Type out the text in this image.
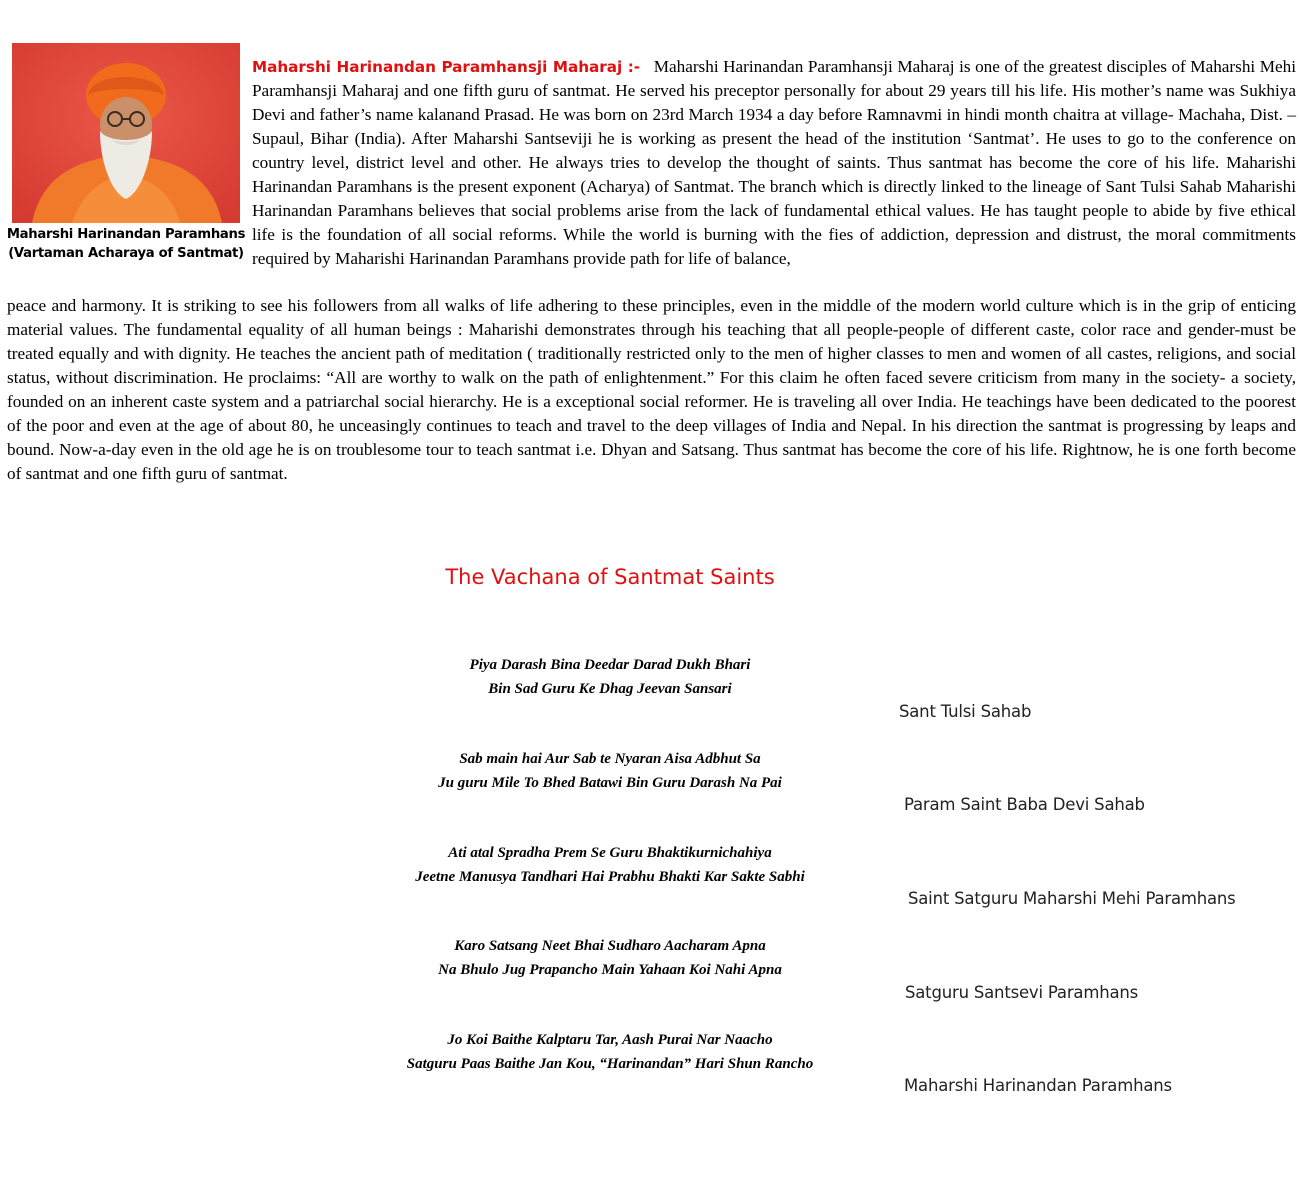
Maharshi Harinandan Paramhans
(Vartaman Acharaya of Santmat)
Maharshi Harinandan Paramhansji Maharaj :- Maharshi Harinandan Paramhansji Maharaj is one of the greatest disciples of Maharshi Mehi Paramhansji Maharaj and one fifth guru of santmat. He served his preceptor personally for about 29 years till his life. His mother’s name was Sukhiya Devi and father’s name kalanand Prasad. He was born on 23rd March 1934 a day before Ramnavmi in hindi month chaitra at village- Machaha, Dist. – Supaul, Bihar (India). After Maharshi Santseviji he is working as present the head of the institution ‘Santmat’. He uses to go to the conference on country level, district level and other. He always tries to develop the thought of saints. Thus santmat has become the core of his life. Maharishi Harinandan Paramhans is the present exponent (Acharya) of Santmat. The branch which is directly linked to the lineage of Sant Tulsi Sahab Maharishi Harinandan Paramhans believes that social problems arise from the lack of fundamental ethical values. He has taught people to abide by five ethical life is the foundation of all social reforms. While the world is burning with the fies of addiction, depression and distrust, the moral commitments required by Maharishi Harinandan Paramhans provide path for life of balance,
peace and harmony. It is striking to see his followers from all walks of life adhering to these principles, even in the middle of the modern world culture which is in the grip of enticing material values. The fundamental equality of all human beings : Maharishi demonstrates through his teaching that all people-people of different caste, color race and gender-must be treated equally and with dignity. He teaches the ancient path of meditation ( traditionally restricted only to the men of higher classes to men and women of all castes, religions, and social status, without discrimination. He proclaims: “All are worthy to walk on the path of enlightenment.” For this claim he often faced severe criticism from many in the society- a society, founded on an inherent caste system and a patriarchal social hierarchy. He is a exceptional social reformer. He is traveling all over India. He teachings have been dedicated to the poorest of the poor and even at the age of about 80, he unceasingly continues to teach and travel to the deep villages of India and Nepal. In his direction the santmat is progressing by leaps and bound. Now-a-day even in the old age he is on troublesome tour to teach santmat i.e. Dhyan and Satsang. Thus santmat has become the core of his life. Rightnow, he is one forth become of santmat and one fifth guru of santmat.
The Vachana of Santmat Saints
Piya Darash Bina Deedar Darad Dukh Bhari
Bin Sad Guru Ke Dhag Jeevan Sansari
Sant Tulsi Sahab
Sab main hai Aur Sab te Nyaran Aisa Adbhut Sa
Ju guru Mile To Bhed Batawi Bin Guru Darash Na Pai
Param Saint Baba Devi Sahab
Ati atal Spradha Prem Se Guru Bhaktikurnichahiya
Jeetne Manusya Tandhari Hai Prabhu Bhakti Kar Sakte Sabhi
Saint Satguru Maharshi Mehi Paramhans
Karo Satsang Neet Bhai Sudharo Aacharam Apna
Na Bhulo Jug Prapancho Main Yahaan Koi Nahi Apna
Satguru Santsevi Paramhans
Jo Koi Baithe Kalptaru Tar, Aash Purai Nar Naacho
Satguru Paas Baithe Jan Kou, “Harinandan” Hari Shun Rancho
Maharshi Harinandan Paramhans
